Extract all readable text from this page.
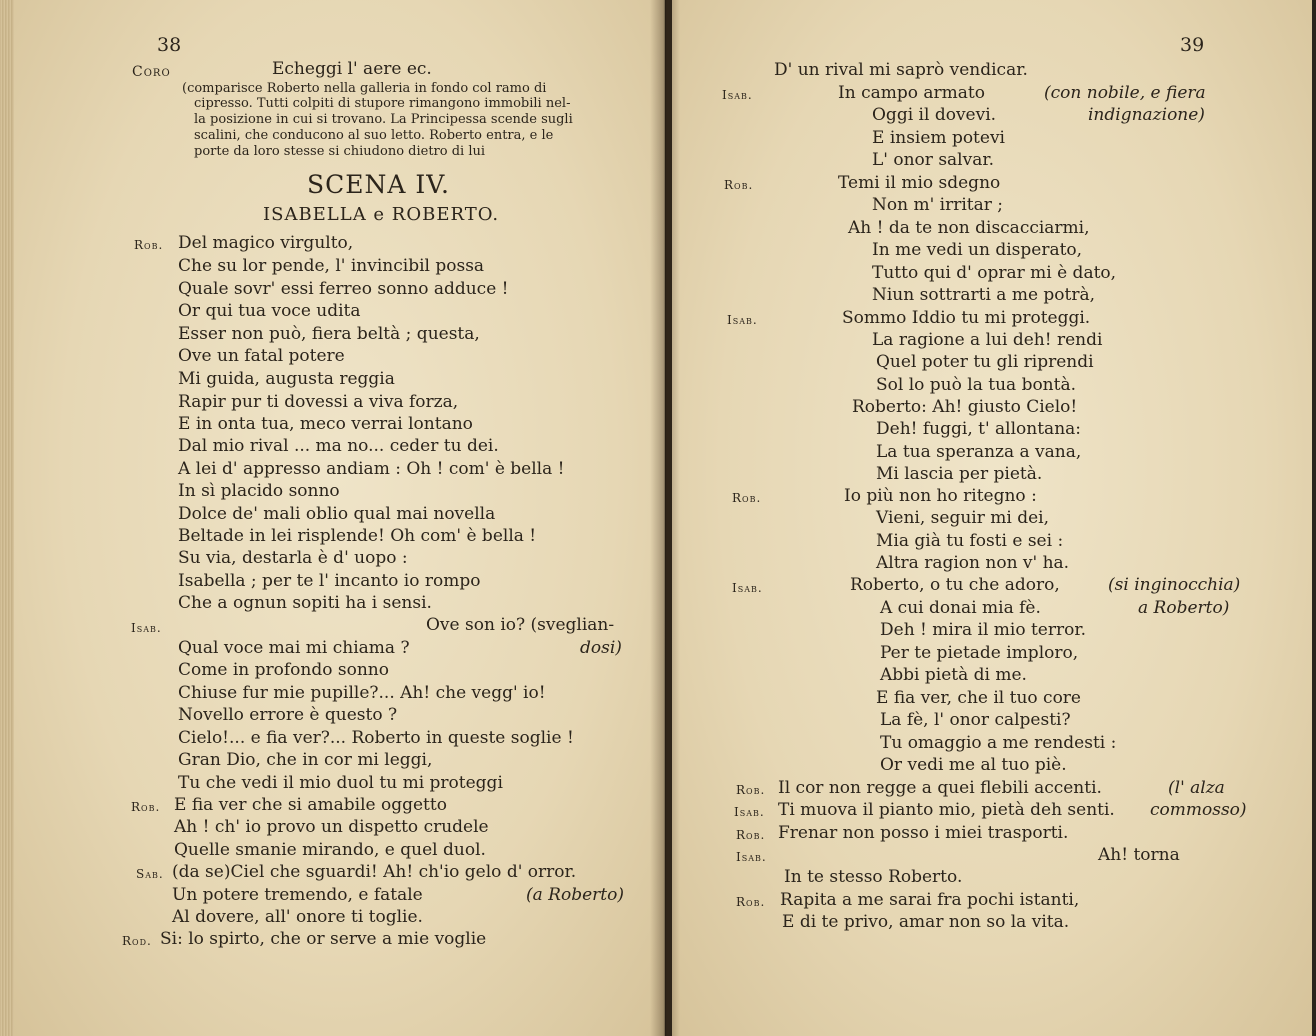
38
Coro	Echeggi l' aere ec.
(comparisce Roberto nella galleria in fondo col ramo di
cipresso. Tutti colpiti di stupore rimangono immobili nel-
la posizione in cui si trovano. La Principessa scende sugli
scalini, che conducono al suo letto. Roberto entra, e le
porte da loro stesse si chiudono dietro di lui
SCENA IV.
ISABELLA e ROBERTO.
Rob. Del magico virgulto,
Che su lor pende, l' invincibil possa
Quale sovr' essi ferreo sonno adduce !
Or qui tua voce udita
Esser non può, fiera beltà ; questa,
Ove un fatal potere
Mi guida, augusta reggia
Rapir pur ti dovessi a viva forza,
E in onta tua, meco verrai lontano
Dal mio rival ... ma no... ceder tu dei.
A lei d' appresso andiam : Oh ! com' è bella !
In sì placido sonno
Dolce de' mali oblio qual mai novella
Beltade in lei risplende! Oh com' è bella !
Su via, destarla è d' uopo :
Isabella ; per te l' incanto io rompo
Che a ognun sopiti ha i sensi.
Isab.	Ove son io? (sveglian-
Qual voce mai mi chiama ?	dosi)
Come in profondo sonno
Chiuse fur mie pupille?... Ah! che vegg' io!
Novello errore è questo ?
Cielo!... e fia ver?... Roberto in queste soglie !
Gran Dio, che in cor mi leggi,
Tu che vedi il mio duol tu mi proteggi
Rob. E fia ver che si amabile oggetto
Ah ! ch' io provo un dispetto crudele
Quelle smanie mirando, e quel duol.
Sab. (da se)Ciel che sguardi! Ah! ch'io gelo d' orror.
Un potere tremendo, e fatale	(a Roberto)
Al dovere, all' onore ti toglie.
Rod. Si: lo spirto, che or serve a mie voglie
39
D' un rival mi saprò vendicar.
Isab.	In campo armato	(con nobile, e fiera
Oggi il dovevi.	indignazione)
E insiem potevi
L' onor salvar.
Rob.	Temi il mio sdegno
Non m' irritar ;
Ah ! da te non discacciarmi,
In me vedi un disperato,
Tutto qui d' oprar mi è dato,
Niun sottrarti a me potrà,
Isab.	Sommo Iddio tu mi proteggi.
La ragione a lui deh! rendi
Quel poter tu gli riprendi
Sol lo può la tua bontà.
Roberto: Ah! giusto Cielo!
Deh! fuggi, t' allontana:
La tua speranza a vana,
Mi lascia per pietà.
Rob.	Io più non ho ritegno :
Vieni, seguir mi dei,
Mia già tu fosti e sei :
Altra ragion non v' ha.
Isab.	Roberto, o tu che adoro,	(si inginocchia)
A cui donai mia fè.	a Roberto)
Deh ! mira il mio terror.
Per te pietade imploro,
Abbi pietà di me.
E fia ver, che il tuo core
La fè, l' onor calpesti?
Tu omaggio a me rendesti :
Or vedi me al tuo piè.
Rob. Il cor non regge a quei flebili accenti.	(l' alza
Isab. Ti muova il pianto mio, pietà deh senti. commosso)
Rob. Frenar non posso i miei trasporti.
Isab.	Ah! torna
In te stesso Roberto.
Rob. Rapita a me sarai fra pochi istanti,
E di te privo, amar non so la vita.
